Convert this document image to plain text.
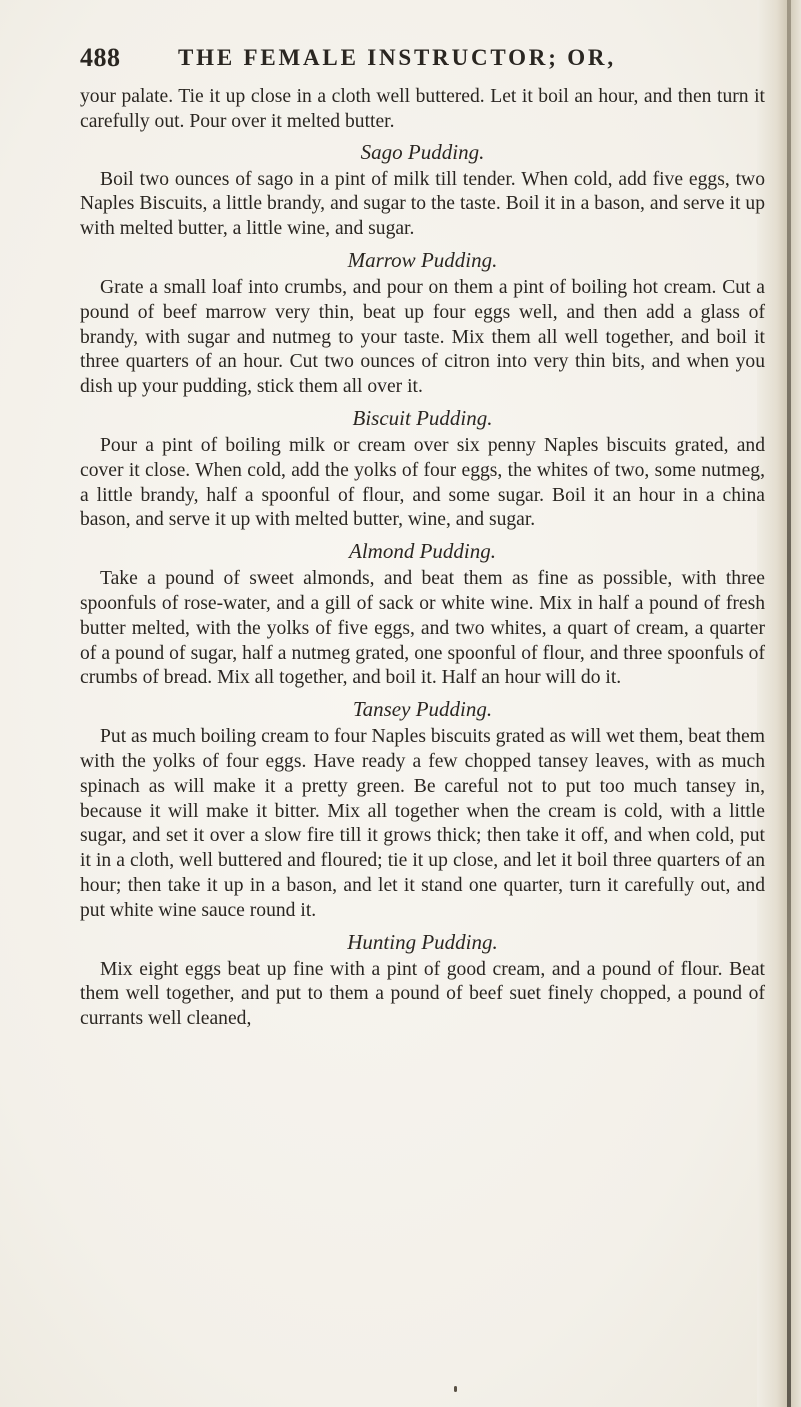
488	THE FEMALE INSTRUCTOR; OR,

your palate. Tie it up close in a cloth well buttered. Let it boil an hour, and then turn it carefully out. Pour over it melted butter.

Sago Pudding.

Boil two ounces of sago in a pint of milk till tender. When cold, add five eggs, two Naples Biscuits, a little brandy, and sugar to the taste. Boil it in a bason, and serve it up with melted butter, a little wine, and sugar.

Marrow Pudding.

Grate a small loaf into crumbs, and pour on them a pint of boiling hot cream. Cut a pound of beef marrow very thin, beat up four eggs well, and then add a glass of brandy, with sugar and nutmeg to your taste. Mix them all well together, and boil it three quarters of an hour. Cut two ounces of citron into very thin bits, and when you dish up your pudding, stick them all over it.

Biscuit Pudding.

Pour a pint of boiling milk or cream over six penny Naples biscuits grated, and cover it close. When cold, add the yolks of four eggs, the whites of two, some nutmeg, a little brandy, half a spoonful of flour, and some sugar. Boil it an hour in a china bason, and serve it up with melted butter, wine, and sugar.

Almond Pudding.

Take a pound of sweet almonds, and beat them as fine as possible, with three spoonfuls of rose-water, and a gill of sack or white wine. Mix in half a pound of fresh butter melted, with the yolks of five eggs, and two whites, a quart of cream, a quarter of a pound of sugar, half a nutmeg grated, one spoonful of flour, and three spoonfuls of crumbs of bread. Mix all together, and boil it. Half an hour will do it.

Tansey Pudding.

Put as much boiling cream to four Naples biscuits grated as will wet them, beat them with the yolks of four eggs. Have ready a few chopped tansey leaves, with as much spinach as will make it a pretty green. Be careful not to put too much tansey in, because it will make it bitter. Mix all together when the cream is cold, with a little sugar, and set it over a slow fire till it grows thick; then take it off, and when cold, put it in a cloth, well buttered and floured; tie it up close, and let it boil three quarters of an hour; then take it up in a bason, and let it stand one quarter, turn it carefully out, and put white wine sauce round it.

Hunting Pudding.

Mix eight eggs beat up fine with a pint of good cream, and a pound of flour. Beat them well together, and put to them a pound of beef suet finely chopped, a pound of currants well cleaned,
